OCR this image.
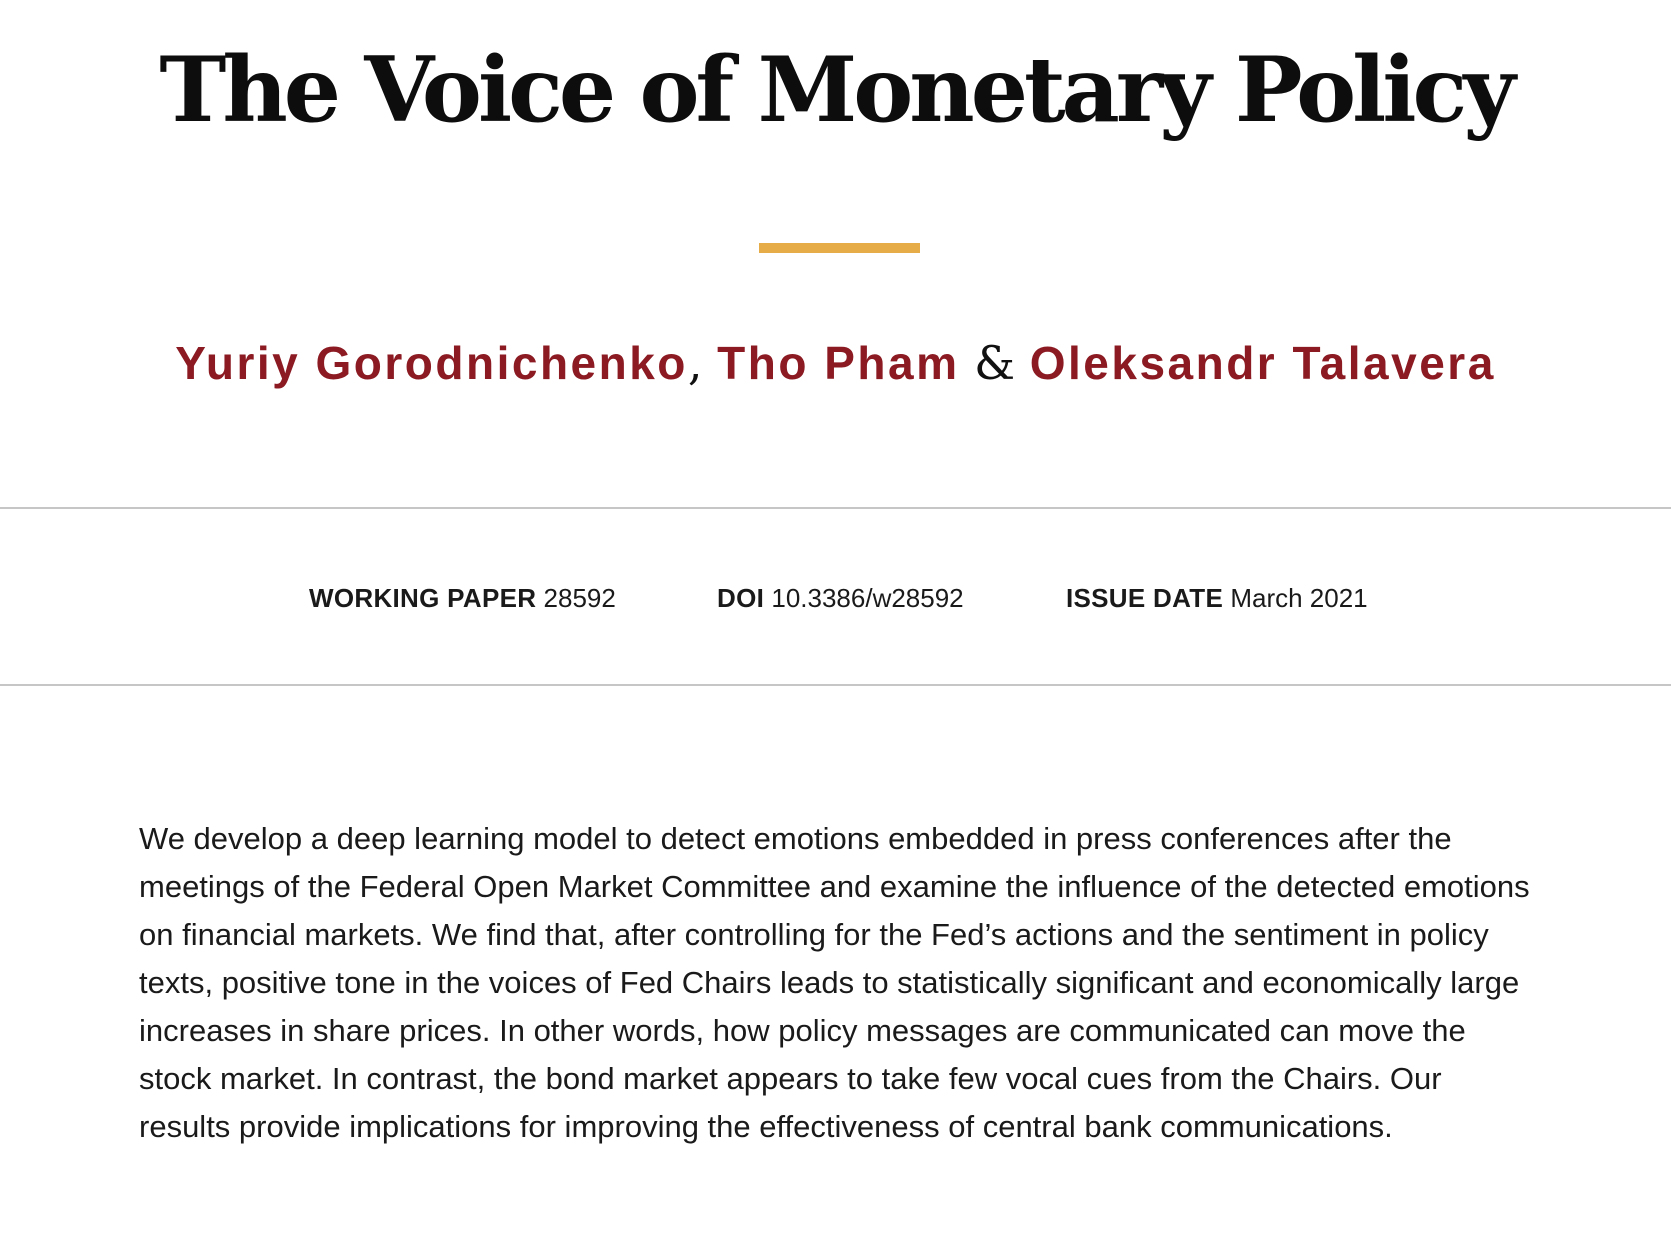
The Voice of Monetary Policy
Yuriy Gorodnichenko, Tho Pham & Oleksandr Talavera
WORKING PAPER 28592	DOI 10.3386/w28592	ISSUE DATE March 2021

We develop a deep learning model to detect emotions embedded in press conferences after the meetings of the Federal Open Market Committee and examine the influence of the detected emotions on financial markets. We find that, after controlling for the Fed’s actions and the sentiment in policy texts, positive tone in the voices of Fed Chairs leads to statistically significant and economically large increases in share prices. In other words, how policy messages are communicated can move the stock market. In contrast, the bond market appears to take few vocal cues from the Chairs. Our results provide implications for improving the effectiveness of central bank communications.
